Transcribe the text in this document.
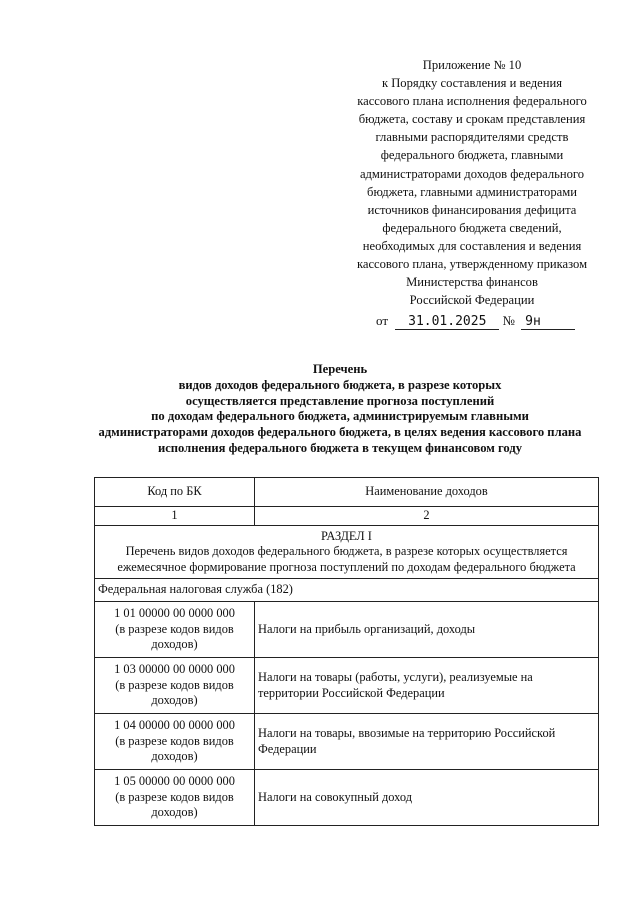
Приложение № 10
к Порядку составления и ведения
кассового плана исполнения федерального
бюджета, составу и срокам представления
главными распорядителями средств
федерального бюджета, главными
администраторами доходов федерального
бюджета, главными администраторами
источников финансирования дефицита
федерального бюджета сведений,
необходимых для составления и ведения
кассового плана, утвержденному приказом
Министерства финансов
Российской Федерации
от 31.01.2025 № 9н
Перечень
видов доходов федерального бюджета, в разрезе которых
осуществляется представление прогноза поступлений
по доходам федерального бюджета, администрируемым главными
администраторами доходов федерального бюджета, в целях ведения кассового плана
исполнения федерального бюджета в текущем финансовом году
Код по БК	Наименование доходов
1	2

РАЗДЕЛ I
Перечень видов доходов федерального бюджета, в разрезе которых осуществляется ежемесячное формирование прогноза поступлений по доходам федерального бюджета	

Федеральная налоговая служба (182)	

1 01 00000 00 0000 000
(в разрезе кодов видов доходов)	Налоги на прибыль организаций, доходы

1 03 00000 00 0000 000
(в разрезе кодов видов доходов)	Налоги на товары (работы, услуги), реализуемые на территории Российской Федерации

1 04 00000 00 0000 000
(в разрезе кодов видов доходов)	Налоги на товары, ввозимые на территорию Российской Федерации

1 05 00000 00 0000 000
(в разрезе кодов видов доходов)	Налоги на совокупный доход
